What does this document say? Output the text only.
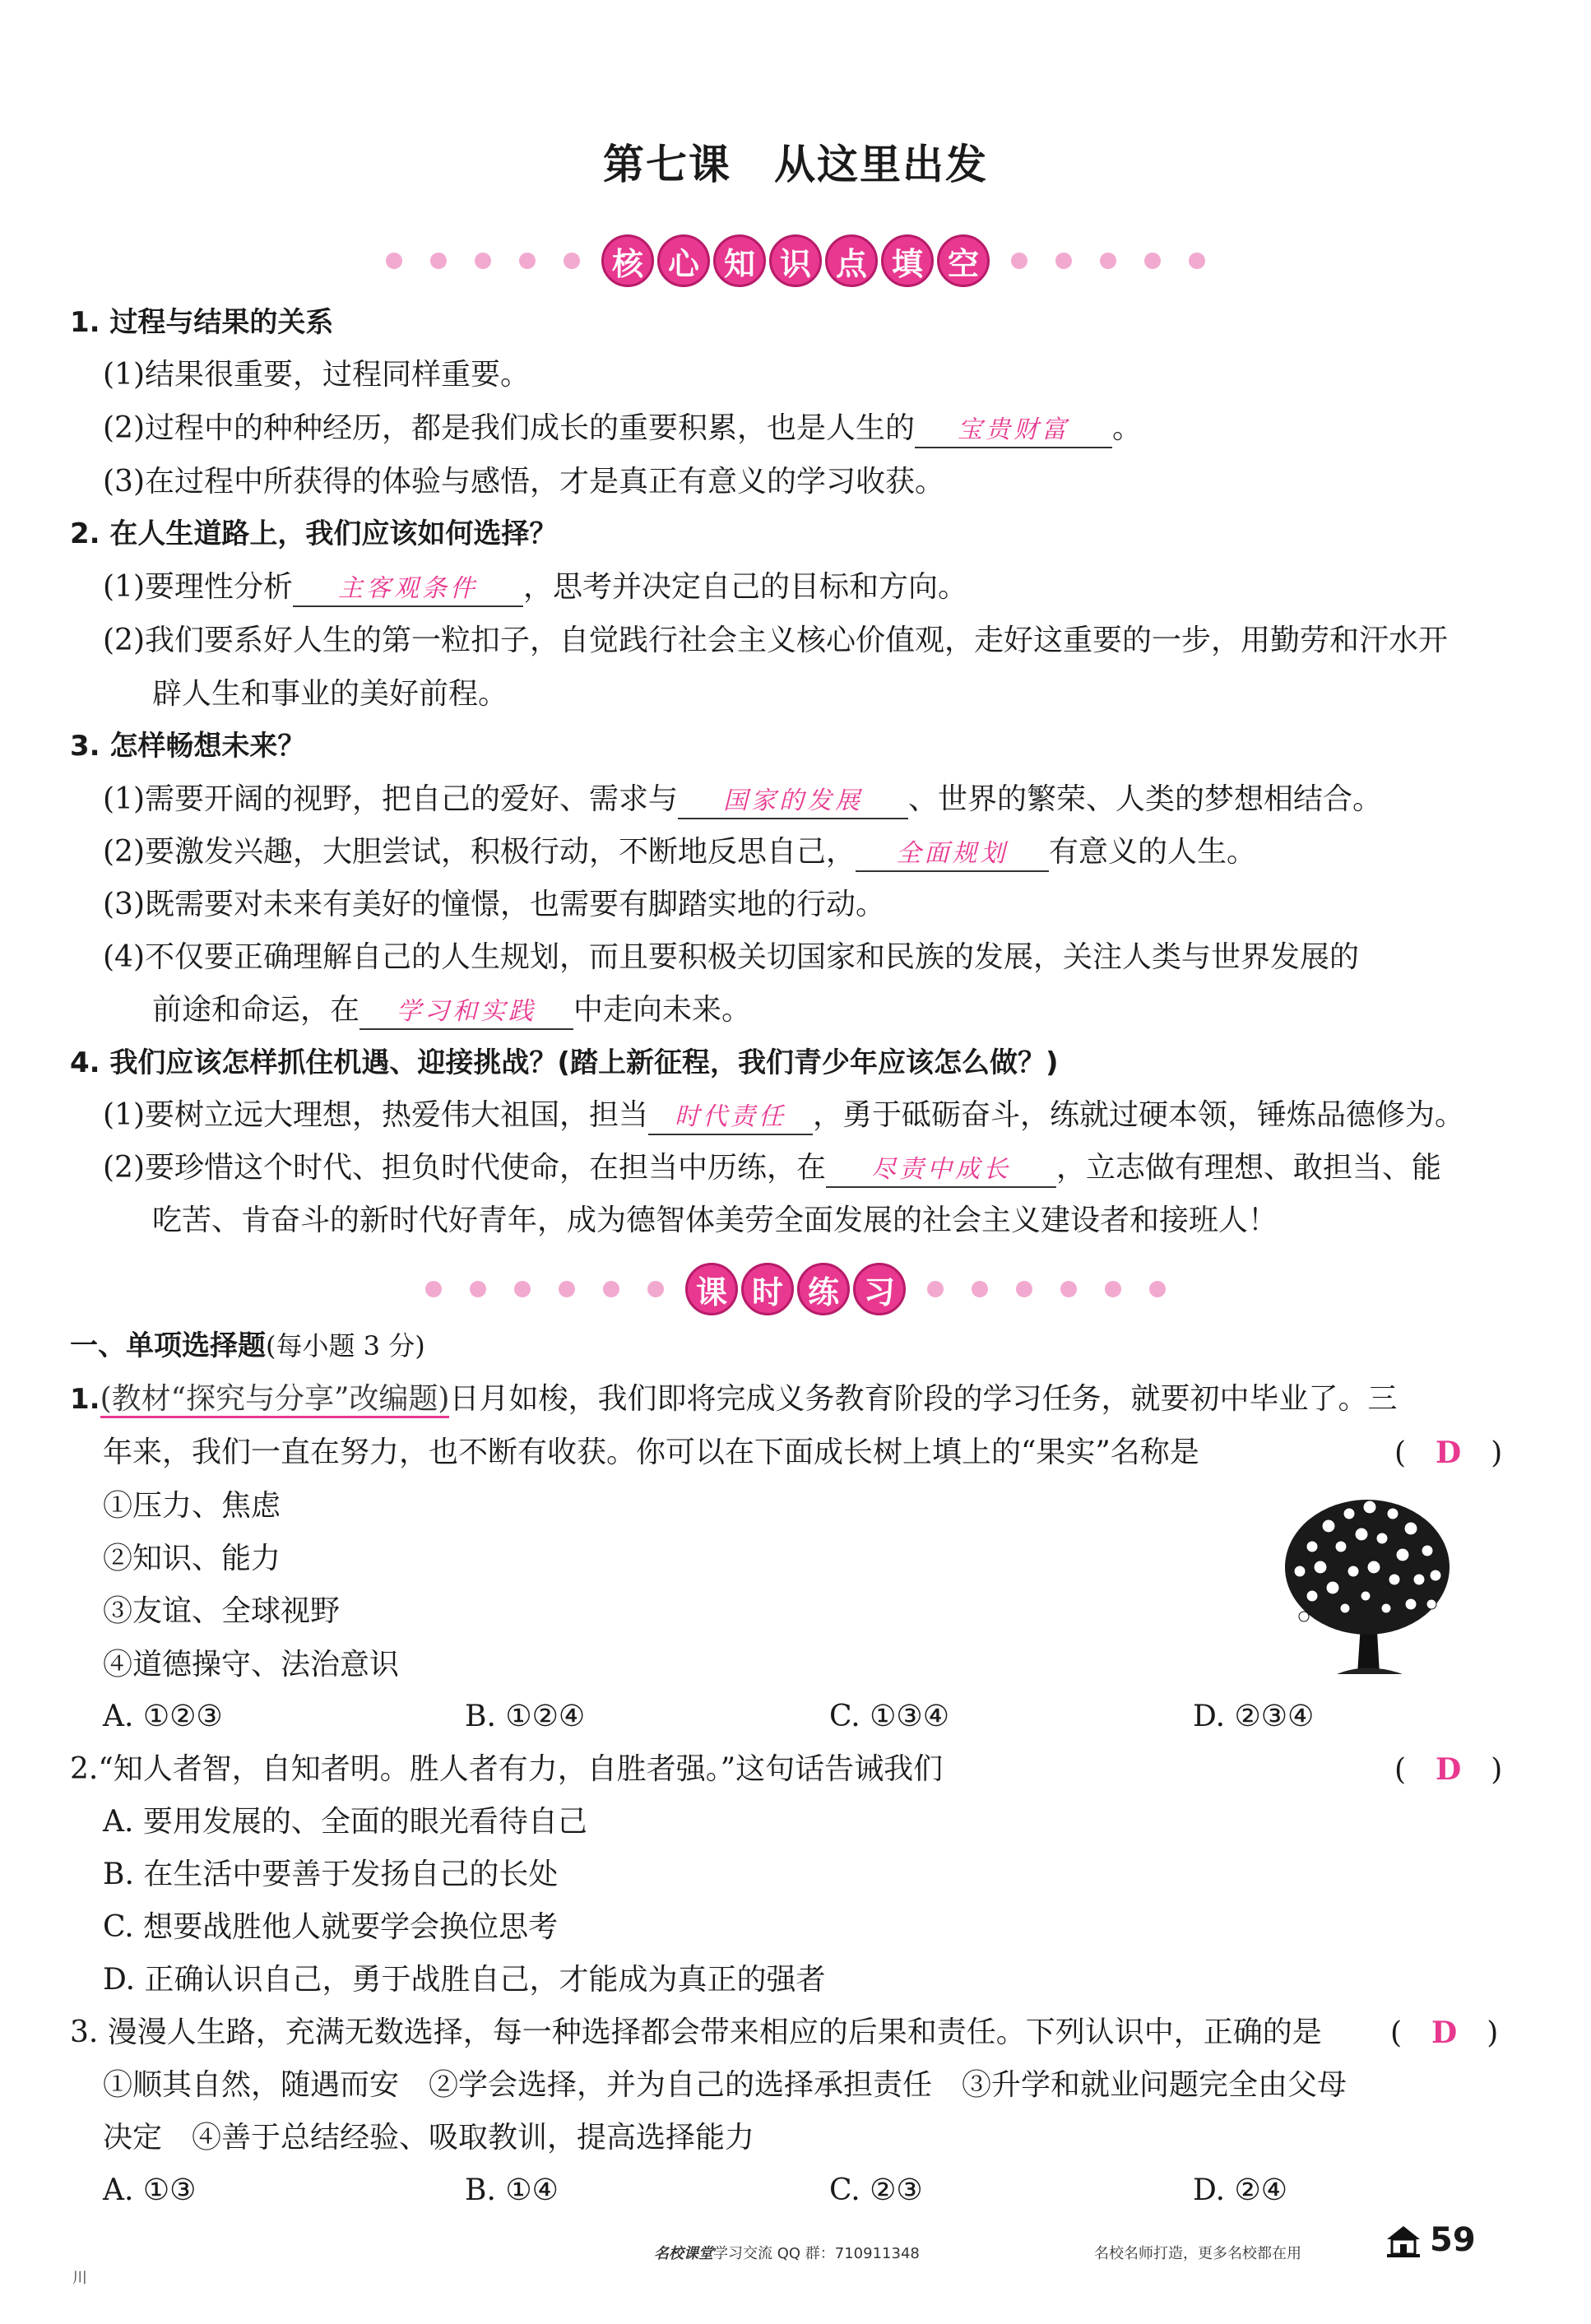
第七课　从这里出发
核 心 知 识 点 填 空
1. 过程与结果的关系
(1)结果很重要，过程同样重要。
(2)过程中的种种经历，都是我们成长的重要积累，也是人生的 宝贵财富 。
(3)在过程中所获得的体验与感悟，才是真正有意义的学习收获。
2. 在人生道路上，我们应该如何选择？
(1)要理性分析 主客观条件 ，思考并决定自己的目标和方向。
(2)我们要系好人生的第一粒扣子，自觉践行社会主义核心价值观，走好这重要的一步，用勤劳和汗水开
辟人生和事业的美好前程。
3. 怎样畅想未来？
(1)需要开阔的视野，把自己的爱好、需求与 国家的发展 、世界的繁荣、人类的梦想相结合。
(2)要激发兴趣，大胆尝试，积极行动，不断地反思自己， 全面规划 有意义的人生。
(3)既需要对未来有美好的憧憬，也需要有脚踏实地的行动。
(4)不仅要正确理解自己的人生规划，而且要积极关切国家和民族的发展，关注人类与世界发展的
前途和命运，在 学习和实践 中走向未来。
4. 我们应该怎样抓住机遇、迎接挑战？(踏上新征程，我们青少年应该怎么做？)
(1)要树立远大理想，热爱伟大祖国，担当 时代责任 ，勇于砥砺奋斗，练就过硬本领，锤炼品德修为。
(2)要珍惜这个时代、担负时代使命，在担当中历练，在 尽责中成长 ，立志做有理想、敢担当、能
吃苦、肯奋斗的新时代好青年，成为德智体美劳全面发展的社会主义建设者和接班人！
课 时 练 习
一、单项选择题(每小题 3 分)
1.(教材“探究与分享”改编题)日月如梭，我们即将完成义务教育阶段的学习任务，就要初中毕业了。三
年来，我们一直在努力，也不断有收获。你可以在下面成长树上填上的“果实”名称是	(　D　)
①压力、焦虑
②知识、能力
③友谊、全球视野
④道德操守、法治意识
A. ①②③	B. ①②④	C. ①③④	D. ②③④
2.“知人者智，自知者明。胜人者有力，自胜者强。”这句话告诫我们	(　D　)
A. 要用发展的、全面的眼光看待自己
B. 在生活中要善于发扬自己的长处
C. 想要战胜他人就要学会换位思考
D. 正确认识自己，勇于战胜自己，才能成为真正的强者
3. 漫漫人生路，充满无数选择，每一种选择都会带来相应的后果和责任。下列认识中，正确的是 (　D　)
①顺其自然，随遇而安　②学会选择，并为自己的选择承担责任　③升学和就业问题完全由父母
决定　④善于总结经验、吸取教训，提高选择能力
A. ①③	B. ①④	C. ②③	D. ②④
川
名校课堂学习交流 QQ 群：710911348	名校名师打造，更多名校都在用	59
